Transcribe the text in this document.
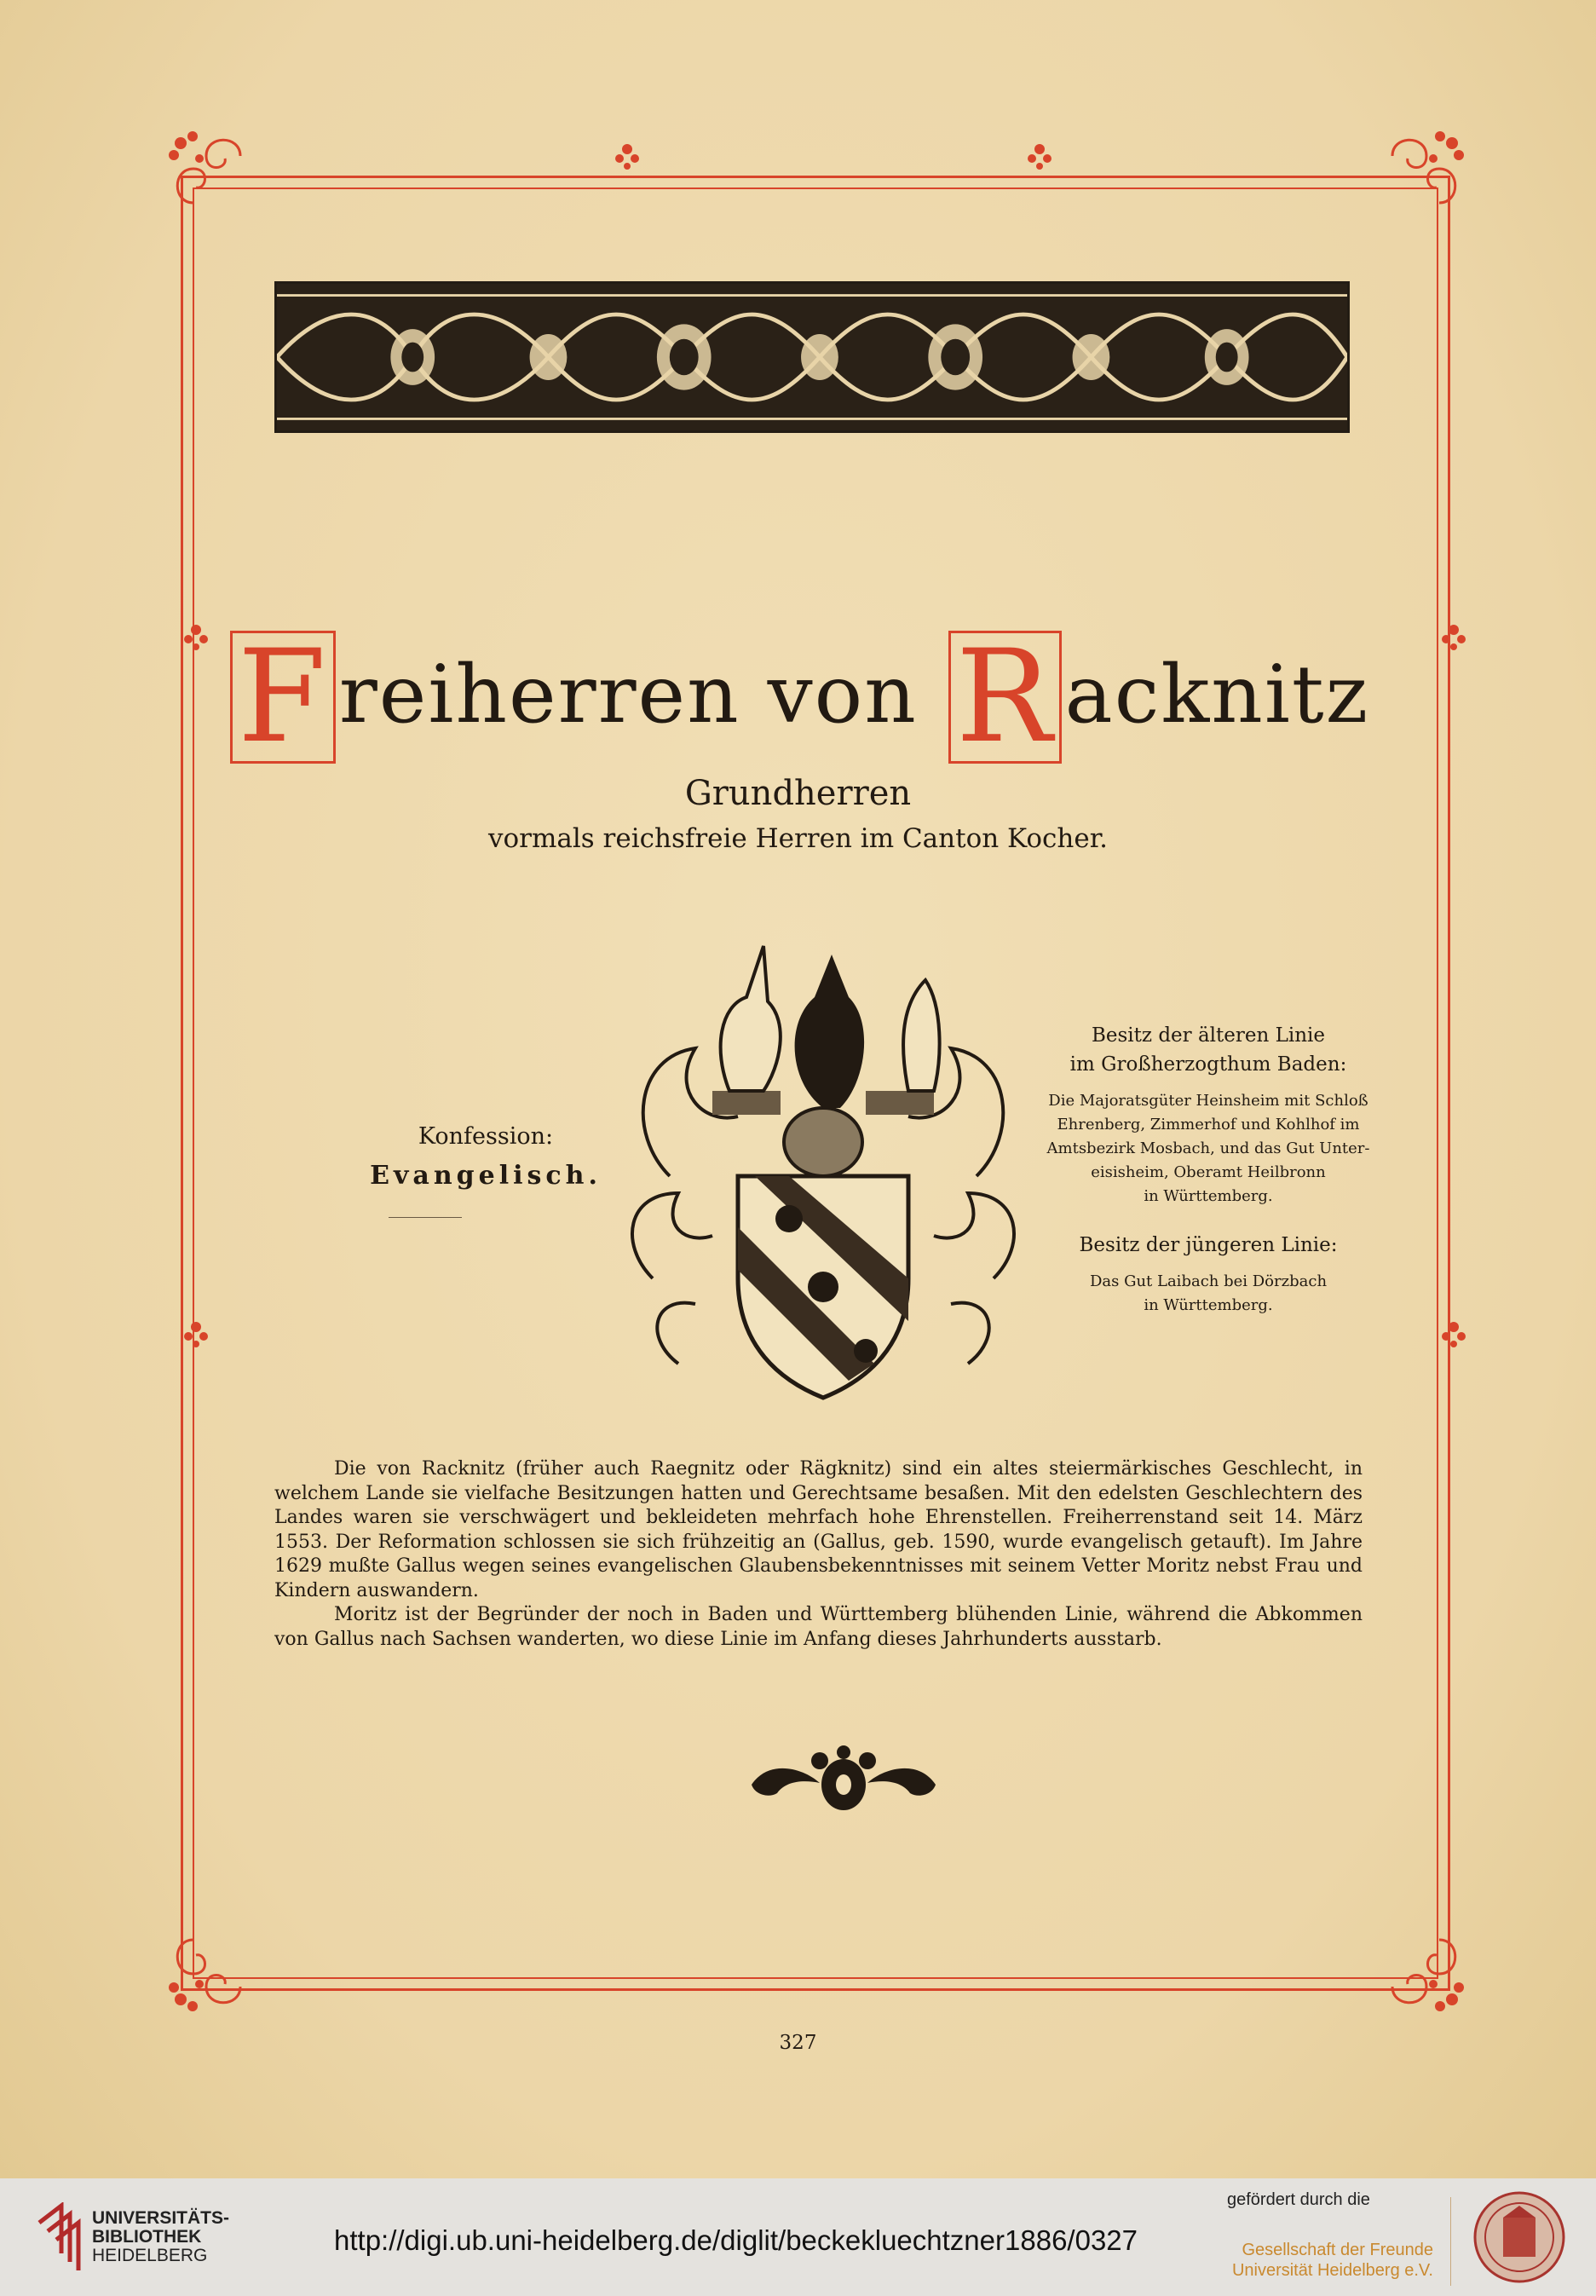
F reiherren von R acknitz
Grundherren
vormals reichsfreie Herren im Canton Kocher.
Konfession:
Evangelisch.
Besitz der älteren Linie
im Großherzogthum Baden:
Die Majoratsgüter Heinsheim mit Schloß
Ehrenberg, Zimmerhof und Kohlhof im
Amtsbezirk Mosbach, und das Gut Unter-
eisisheim, Oberamt Heilbronn
in Württemberg.
Besitz der jüngeren Linie:
Das Gut Laibach bei Dörzbach
in Württemberg.

Die von Racknitz (früher auch Raegnitz oder Rägknitz) sind ein altes steiermärkisches Geschlecht, in welchem Lande sie vielfache Besitzungen hatten und Gerechtsame besaßen. Mit den edelsten Geschlechtern des Landes waren sie verschwägert und bekleideten mehrfach hohe Ehrenstellen. Freiherrenstand seit 14. März 1553. Der Reformation schlossen sie sich frühzeitig an (Gallus, geb. 1590, wurde evangelisch getauft). Im Jahre 1629 mußte Gallus wegen seines evangelischen Glaubensbekenntnisses mit seinem Vetter Moritz nebst Frau und Kindern auswandern.

Moritz ist der Begründer der noch in Baden und Württemberg blühenden Linie, während die Abkommen von Gallus nach Sachsen wanderten, wo diese Linie im Anfang dieses Jahrhunderts ausstarb.

327
UNIVERSITÄTS-
BIBLIOTHEK
HEIDELBERG	http://digi.ub.uni-heidelberg.de/diglit/beckekluechtzner1886/0327
gefördert durch die
Gesellschaft der Freunde
Universität Heidelberg e.V.
